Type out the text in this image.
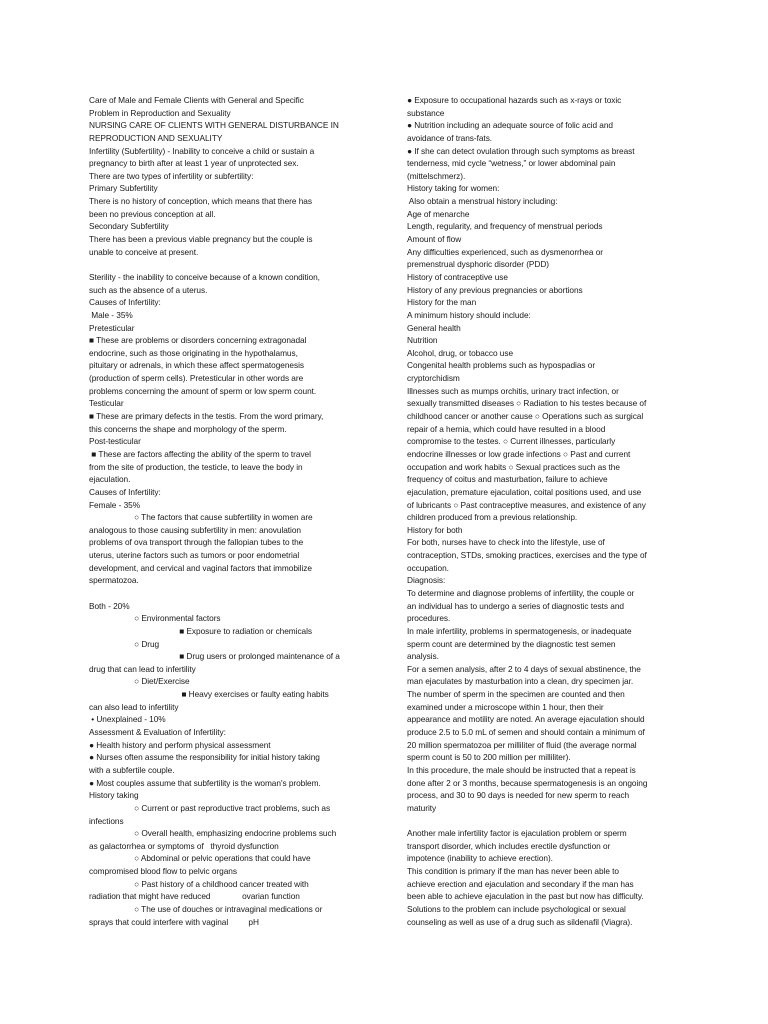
Care of Male and Female Clients with General and Specific
Problem in Reproduction and Sexuality
NURSING CARE OF CLIENTS WITH GENERAL DISTURBANCE IN
REPRODUCTION AND SEXUALITY
Infertility (Subfertility) - Inability to conceive a child or sustain a
pregnancy to birth after at least 1 year of unprotected sex.
There are two types of infertility or subfertility:
Primary Subfertility
There is no history of conception, which means that there has
been no previous conception at all.
Secondary Subfertility
There has been a previous viable pregnancy but the couple is
unable to conceive at present.
Sterility - the inability to conceive because of a known condition,
such as the absence of a uterus.
Causes of Infertility:
Male - 35%
Pretesticular
■ These are problems or disorders concerning extragonadal
endocrine, such as those originating in the hypothalamus,
pituitary or adrenals, in which these affect spermatogenesis
(production of sperm cells). Pretesticular in other words are
problems concerning the amount of sperm or low sperm count.
Testicular
■ These are primary defects in the testis. From the word primary,
this concerns the shape and morphology of the sperm.
Post-testicular
■ These are factors affecting the ability of the sperm to travel
from the site of production, the testicle, to leave the body in
ejaculation.
Causes of Infertility:
Female - 35%
○ The factors that cause subfertility in women are
analogous to those causing subfertility in men: anovulation
problems of ova transport through the fallopian tubes to the
uterus, uterine factors such as tumors or poor endometrial
development, and cervical and vaginal factors that immobilize
spermatozoa.
Both - 20%
○ Environmental factors
■ Exposure to radiation or chemicals
○ Drug
■ Drug users or prolonged maintenance of a
drug that can lead to infertility
○ Diet/Exercise
■ Heavy exercises or faulty eating habits
can also lead to infertility
• Unexplained - 10%
Assessment & Evaluation of Infertility:
● Health history and perform physical assessment
● Nurses often assume the responsibility for initial history taking
with a subfertile couple.
● Most couples assume that subfertility is the woman's problem.
History taking
○ Current or past reproductive tract problems, such as
infections
○ Overall health, emphasizing endocrine problems such
as galactorrhea or symptoms of   thyroid dysfunction
○ Abdominal or pelvic operations that could have
compromised blood flow to pelvic organs
○ Past history of a childhood cancer treated with
radiation that might have reduced              ovarian function
○ The use of douches or intravaginal medications or
sprays that could interfere with vaginal         pH
● Exposure to occupational hazards such as x-rays or toxic
substance
● Nutrition including an adequate source of folic acid and
avoidance of trans-fats.
● If she can detect ovulation through such symptoms as breast
tenderness, mid cycle “wetness,” or lower abdominal pain
(mittelschmerz).
History taking for women:
Also obtain a menstrual history including:
Age of menarche
Length, regularity, and frequency of menstrual periods
Amount of flow
Any difficulties experienced, such as dysmenorrhea or
premenstrual dysphoric disorder (PDD)
History of contraceptive use
History of any previous pregnancies or abortions
History for the man
A minimum history should include:
General health
Nutrition
Alcohol, drug, or tobacco use
Congenital health problems such as hypospadias or
cryptorchidism
Illnesses such as mumps orchitis, urinary tract infection, or
sexually transmitted diseases ○ Radiation to his testes because of
childhood cancer or another cause ○ Operations such as surgical
repair of a hernia, which could have resulted in a blood
compromise to the testes. ○ Current illnesses, particularly
endocrine illnesses or low grade infections ○ Past and current
occupation and work habits ○ Sexual practices such as the
frequency of coitus and masturbation, failure to achieve
ejaculation, premature ejaculation, coital positions used, and use
of lubricants ○ Past contraceptive measures, and existence of any
children produced from a previous relationship.
History for both
For both, nurses have to check into the lifestyle, use of
contraception, STDs, smoking practices, exercises and the type of
occupation.
Diagnosis:
To determine and diagnose problems of infertility, the couple or
an individual has to undergo a series of diagnostic tests and
procedures.
In male infertility, problems in spermatogenesis, or inadequate
sperm count are determined by the diagnostic test semen
analysis.
For a semen analysis, after 2 to 4 days of sexual abstinence, the
man ejaculates by masturbation into a clean, dry specimen jar.
The number of sperm in the specimen are counted and then
examined under a microscope within 1 hour, then their
appearance and motility are noted. An average ejaculation should
produce 2.5 to 5.0 mL of semen and should contain a minimum of
20 million spermatozoa per milliliter of fluid (the average normal
sperm count is 50 to 200 million per milliliter).
In this procedure, the male should be instructed that a repeat is
done after 2 or 3 months, because spermatogenesis is an ongoing
process, and 30 to 90 days is needed for new sperm to reach
maturity
Another male infertility factor is ejaculation problem or sperm
transport disorder, which includes erectile dysfunction or
impotence (inability to achieve erection).
This condition is primary if the man has never been able to
achieve erection and ejaculation and secondary if the man has
been able to achieve ejaculation in the past but now has difficulty.
Solutions to the problem can include psychological or sexual
counseling as well as use of a drug such as sildenafil (Viagra).
